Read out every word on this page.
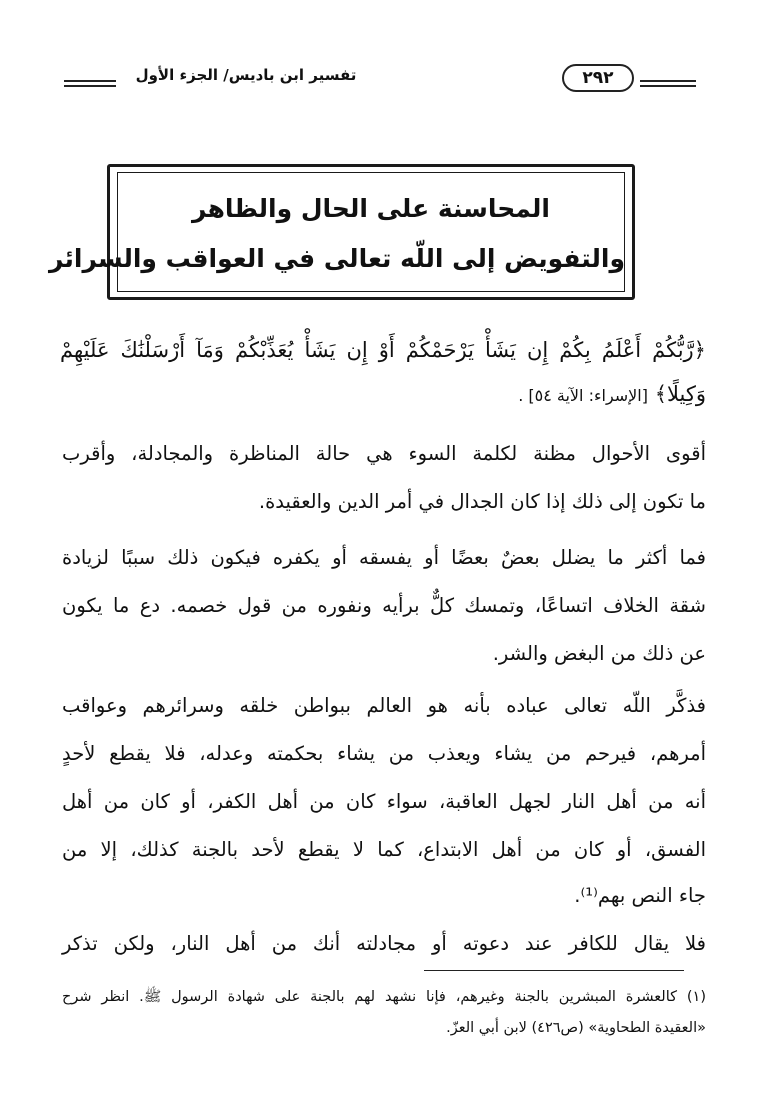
٢٩٢
تفسير ابن باديس/ الجزء الأول
المحاسنة على الحال والظاهر
والتفويض إلى اللّه تعالى في العواقب والسرائر
﴿رَّبُّكُمْ أَعْلَمُ بِكُمْ إِن يَشَأْ يَرْحَمْكُمْ أَوْ إِن يَشَأْ يُعَذِّبْكُمْ وَمَآ أَرْسَلْنَٰكَ عَلَيْهِمْ
وَكِيلًا﴾ [الإسراء: الآية ٥٤] .
أقوى الأحوال مظنة لكلمة السوء هي حالة المناظرة والمجادلة، وأقرب
ما تكون إلى ذلك إذا كان الجدال في أمر الدين والعقيدة.
فما أكثر ما يضلل بعضٌ بعضًا أو يفسقه أو يكفره فيكون ذلك سببًا لزيادة
شقة الخلاف اتساعًا، وتمسك كلٌّ برأيه ونفوره من قول خصمه. دع ما يكون
عن ذلك من البغض والشر.
فذكَّر اللّه تعالى عباده بأنه هو العالم ببواطن خلقه وسرائرهم وعواقب
أمرهم، فيرحم من يشاء ويعذب من يشاء بحكمته وعدله، فلا يقطع لأحدٍ
أنه من أهل النار لجهل العاقبة، سواء كان من أهل الكفر، أو كان من أهل
الفسق، أو كان من أهل الابتداع، كما لا يقطع لأحد بالجنة كذلك، إلا من
جاء النص بهم⁽¹⁾.
فلا يقال للكافر عند دعوته أو مجادلته أنك من أهل النار، ولكن تذكر
(١) كالعشرة المبشرين بالجنة وغيرهم، فإنا نشهد لهم بالجنة على شهادة الرسول ﷺ. انظر شرح
«العقيدة الطحاوية» (ص٤٢٦) لابن أبي العزّ.
